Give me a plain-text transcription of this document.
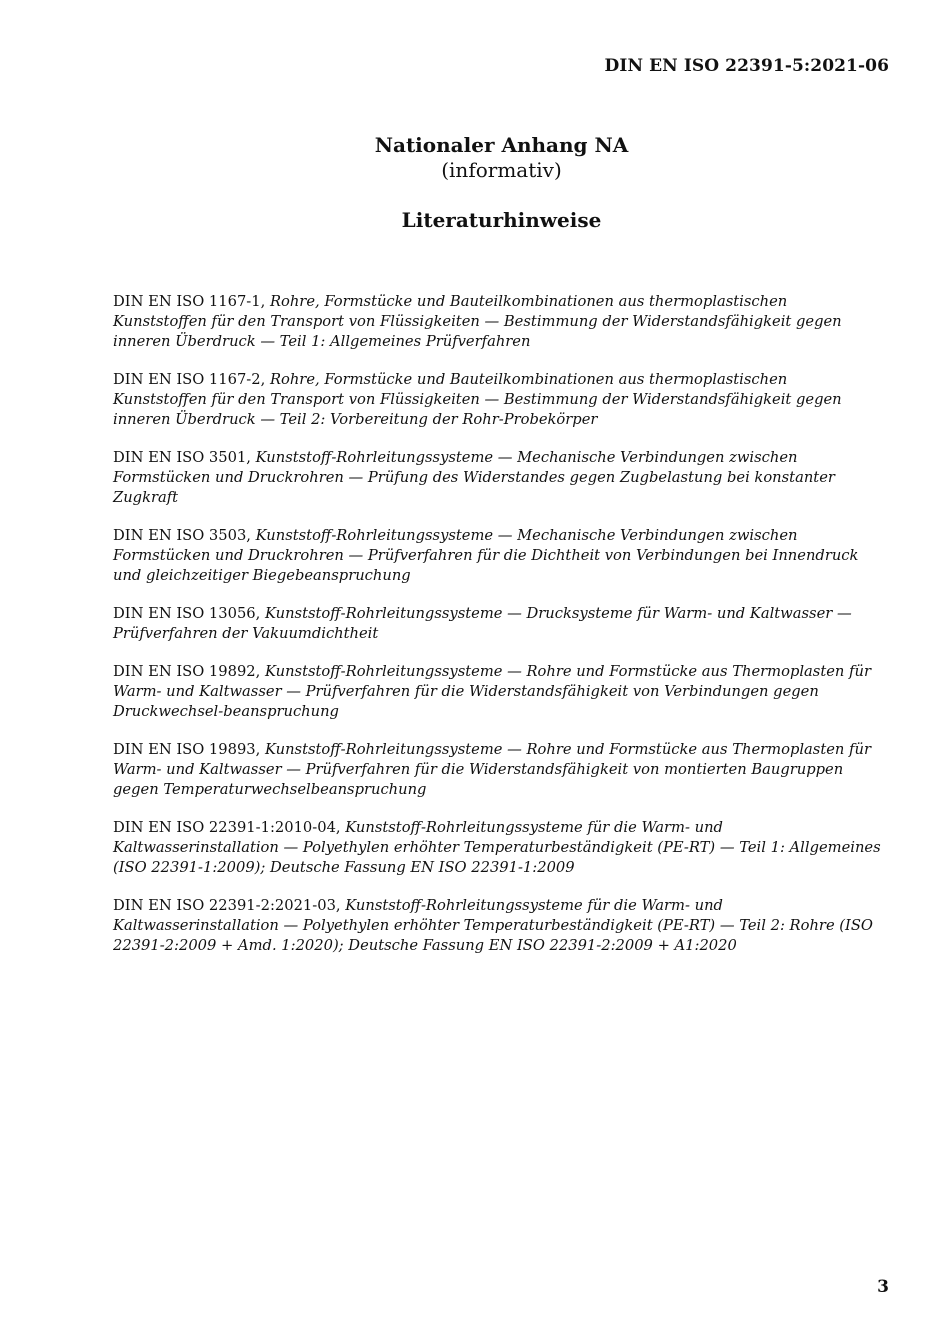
DIN EN ISO 22391-5:2021-06

Nationaler Anhang NA

(informativ)

Literaturhinweise
DIN EN ISO 1167-1, Rohre, Formstücke und Bauteilkombinationen aus thermoplastischen Kunststoffen für den Transport von Flüssigkeiten — Bestimmung der Widerstandsfähigkeit gegen inneren Überdruck — Teil 1: Allgemeines Prüfverfahren
DIN EN ISO 1167-2, Rohre, Formstücke und Bauteilkombinationen aus thermoplastischen Kunststoffen für den Transport von Flüssigkeiten — Bestimmung der Widerstandsfähigkeit gegen inneren Überdruck — Teil 2: Vorbereitung der Rohr-Probekörper
DIN EN ISO 3501, Kunststoff-Rohrleitungssysteme — Mechanische Verbindungen zwischen Formstücken und Druckrohren — Prüfung des Widerstandes gegen Zugbelastung bei konstanter Zugkraft
DIN EN ISO 3503, Kunststoff-Rohrleitungssysteme — Mechanische Verbindungen zwischen Formstücken und Druckrohren — Prüfverfahren für die Dichtheit von Verbindungen bei Innendruck und gleichzeitiger Biegebeanspruchung
DIN EN ISO 13056, Kunststoff-Rohrleitungssysteme — Drucksysteme für Warm- und Kaltwasser — Prüfverfahren der Vakuumdichtheit
DIN EN ISO 19892, Kunststoff-Rohrleitungssysteme — Rohre und Formstücke aus Thermoplasten für Warm- und Kaltwasser — Prüfverfahren für die Widerstandsfähigkeit von Verbindungen gegen Druckwechsel-beanspruchung
DIN EN ISO 19893, Kunststoff-Rohrleitungssysteme — Rohre und Formstücke aus Thermoplasten für Warm- und Kaltwasser — Prüfverfahren für die Widerstandsfähigkeit von montierten Baugruppen gegen Temperaturwechselbeanspruchung
DIN EN ISO 22391-1:2010-04, Kunststoff-Rohrleitungssysteme für die Warm- und Kaltwasserinstallation — Polyethylen erhöhter Temperaturbeständigkeit (PE-RT) — Teil 1: Allgemeines (ISO 22391-1:2009); Deutsche Fassung EN ISO 22391-1:2009
DIN EN ISO 22391-2:2021-03, Kunststoff-Rohrleitungssysteme für die Warm- und Kaltwasserinstallation — Polyethylen erhöhter Temperaturbeständigkeit (PE-RT) — Teil 2: Rohre (ISO 22391-2:2009 + Amd. 1:2020); Deutsche Fassung EN ISO 22391-2:2009 + A1:2020
3
